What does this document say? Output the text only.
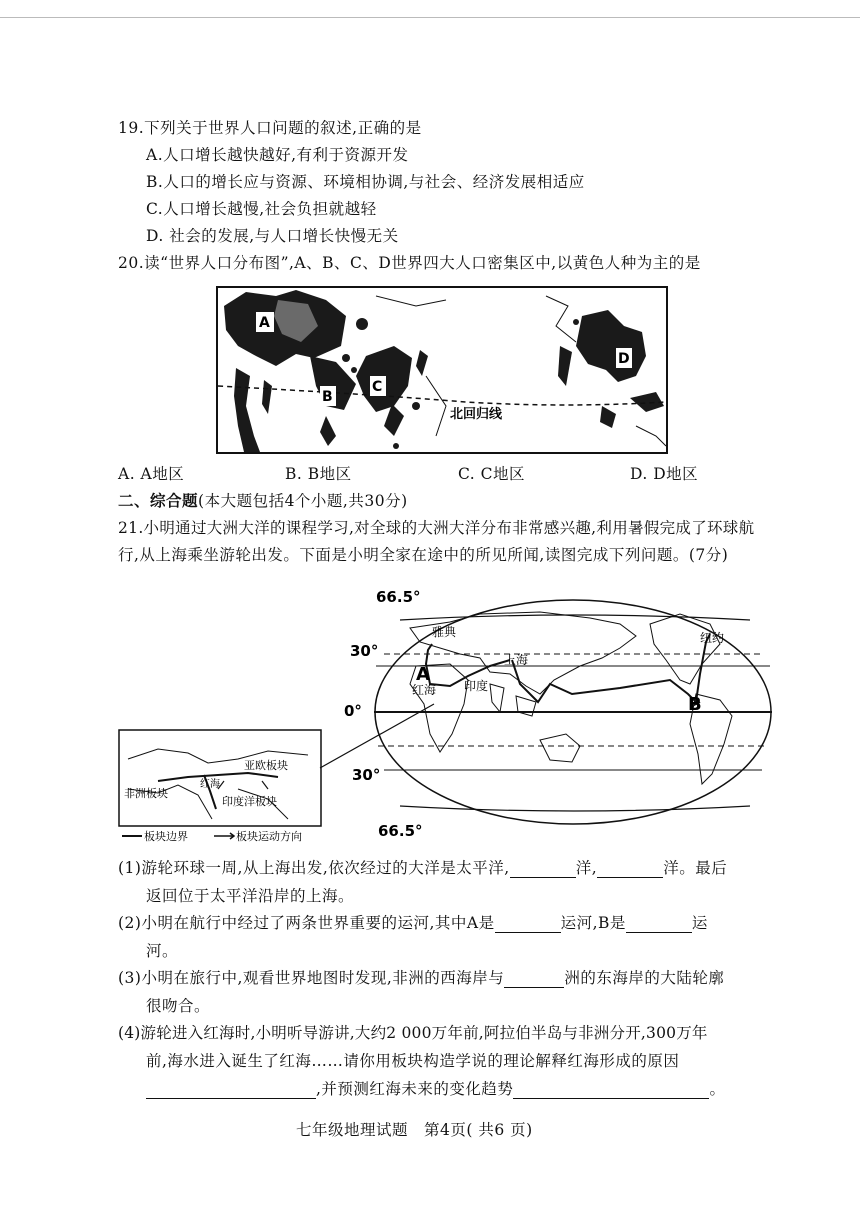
19.下列关于世界人口问题的叙述,正确的是
A.人口增长越快越好,有利于资源开发
B.人口的增长应与资源、环境相协调,与社会、经济发展相适应
C.人口增长越慢,社会负担就越轻
D. 社会的发展,与人口增长快慢无关
20.读“世界人口分布图”,A、B、C、D世界四大人口密集区中,以黄色人种为主的是
A
B
C
D
北回归线
A. A地区	B. B地区	C. C地区	D. D地区
二、综合题(本大题包括4个小题,共30分)
21.小明通过大洲大洋的课程学习,对全球的大洲大洋分布非常感兴趣,利用暑假完成了环球航
行,从上海乘坐游轮出发。下面是小明全家在途中的所见所闻,读图完成下列问题。(7分)
66.5°
30°
0°
30°
66.5°
A
B
雅典
上海
纽约
红海 印度
亚欧板块
非洲板块
印度洋板块
红海
板块边界	板块运动方向
(1)游轮环球一周,从上海出发,依次经过的大洋是太平洋,	洋,	洋。最后
返回位于太平洋沿岸的上海。
(2)小明在航行中经过了两条世界重要的运河,其中A是	运河,B是	运
河。
(3)小明在旅行中,观看世界地图时发现,非洲的西海岸与	洲的东海岸的大陆轮廓
很吻合。
(4)游轮进入红海时,小明听导游讲,大约2 000万年前,阿拉伯半岛与非洲分开,300万年
前,海水进入诞生了红海……请你用板块构造学说的理论解释红海形成的原因
,并预测红海未来的变化趋势	。
七年级地理试题　第4页( 共6 页)
